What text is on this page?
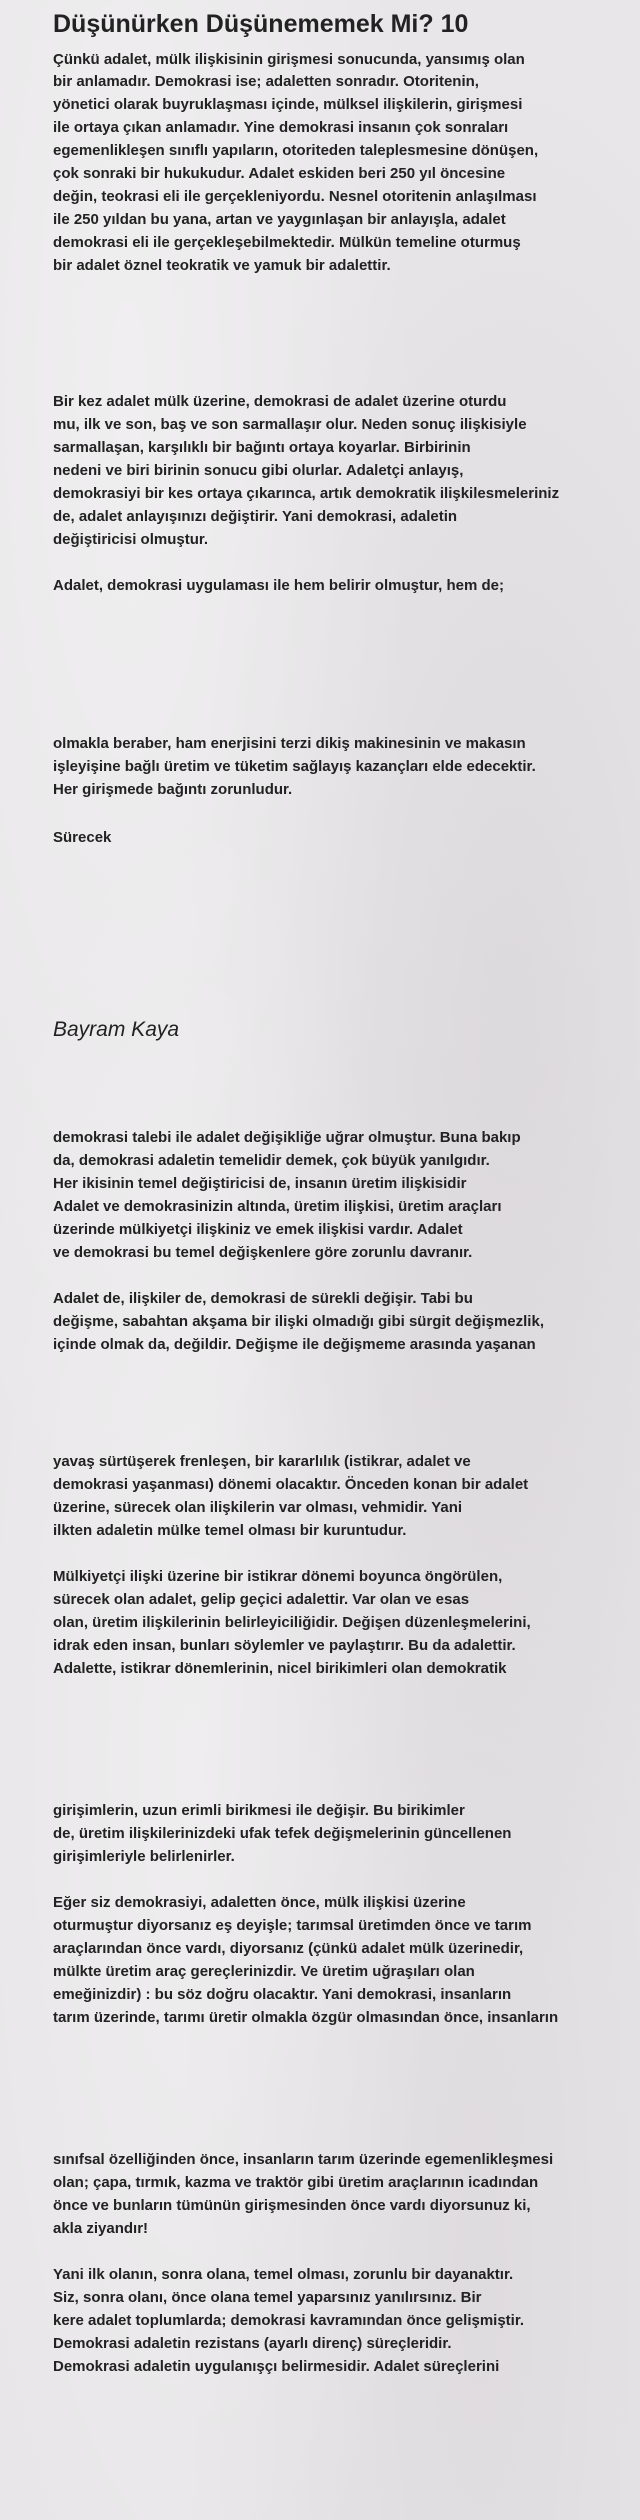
Düşünürken Düşünememek Mi? 10
Çünkü adalet, mülk ilişkisinin girişmesi sonucunda, yansımış olan
bir anlamadır. Demokrasi ise; adaletten sonradır. Otoritenin,
yönetici olarak buyruklaşması içinde, mülksel ilişkilerin, girişmesi
ile ortaya çıkan anlamadır. Yine demokrasi insanın çok sonraları
egemenlikleşen sınıflı yapıların, otoriteden taleplesmesine dönüşen,
çok sonraki bir hukukudur. Adalet eskiden beri 250 yıl öncesine
değin, teokrasi eli ile gerçekleniyordu. Nesnel otoritenin anlaşılması
ile 250 yıldan bu yana, artan ve yaygınlaşan bir anlayışla, adalet
demokrasi eli ile gerçekleşebilmektedir. Mülkün temeline oturmuş
bir adalet öznel teokratik ve yamuk bir adalettir.
Bir kez adalet mülk üzerine, demokrasi de adalet üzerine oturdu
mu, ilk ve son, baş ve son sarmallaşır olur. Neden sonuç ilişkisiyle
sarmallaşan, karşılıklı bir bağıntı ortaya koyarlar. Birbirinin
nedeni ve biri birinin sonucu gibi olurlar. Adaletçi anlayış,
demokrasiyi bir kes ortaya çıkarınca, artık demokratik ilişkilesmeleriniz
de, adalet anlayışınızı değiştirir. Yani demokrasi, adaletin
değiştiricisi olmuştur.
Adalet, demokrasi uygulaması ile hem belirir olmuştur, hem de;
olmakla beraber, ham enerjisini terzi dikiş makinesinin ve makasın
işleyişine bağlı üretim ve tüketim sağlayış kazançları elde edecektir.
Her girişmede bağıntı zorunludur.
Sürecek
Bayram Kaya
demokrasi talebi ile adalet değişikliğe uğrar olmuştur. Buna bakıp
da, demokrasi adaletin temelidir demek, çok büyük yanılgıdır.
Her ikisinin temel değiştiricisi de, insanın üretim ilişkisidir
Adalet ve demokrasinizin altında, üretim ilişkisi, üretim araçları
üzerinde mülkiyetçi ilişkiniz ve emek ilişkisi vardır. Adalet
ve demokrasi bu temel değişkenlere göre zorunlu davranır.
Adalet de, ilişkiler de, demokrasi de sürekli değişir. Tabi bu
değişme, sabahtan akşama bir ilişki olmadığı gibi sürgit değişmezlik,
içinde olmak da, değildir. Değişme ile değişmeme arasında yaşanan
yavaş sürtüşerek frenleşen, bir kararlılık (istikrar, adalet ve
demokrasi yaşanması) dönemi olacaktır. Önceden konan bir adalet
üzerine, sürecek olan ilişkilerin var olması, vehmidir. Yani
ilkten adaletin mülke temel olması bir kuruntudur.
Mülkiyetçi ilişki üzerine bir istikrar dönemi boyunca öngörülen,
sürecek olan adalet, gelip geçici adalettir. Var olan ve esas
olan, üretim ilişkilerinin belirleyiciliğidir. Değişen düzenleşmelerini,
idrak eden insan, bunları söylemler ve paylaştırır. Bu da adalettir.
Adalette, istikrar dönemlerinin, nicel birikimleri olan demokratik
girişimlerin, uzun erimli birikmesi ile değişir. Bu birikimler
de, üretim ilişkilerinizdeki ufak tefek değişmelerinin güncellenen
girişimleriyle belirlenirler.
Eğer siz demokrasiyi, adaletten önce, mülk ilişkisi üzerine
oturmuştur diyorsanız eş deyişle; tarımsal üretimden önce ve tarım
araçlarından önce vardı, diyorsanız (çünkü adalet mülk üzerinedir,
mülkte üretim araç gereçlerinizdir. Ve üretim uğraşıları olan
emeğinizdir) : bu söz doğru olacaktır. Yani demokrasi, insanların
tarım üzerinde, tarımı üretir olmakla özgür olmasından önce, insanların
sınıfsal özelliğinden önce, insanların tarım üzerinde egemenlikleşmesi
olan; çapa, tırmık, kazma ve traktör gibi üretim araçlarının icadından
önce ve bunların tümünün girişmesinden önce vardı diyorsunuz ki,
akla ziyandır!
Yani ilk olanın, sonra olana, temel olması, zorunlu bir dayanaktır.
Siz, sonra olanı, önce olana temel yaparsınız yanılırsınız. Bir
kere adalet toplumlarda; demokrasi kavramından önce gelişmiştir.
Demokrasi adaletin rezistans (ayarlı direnç) süreçleridir.
Demokrasi adaletin uygulanışçı belirmesidir. Adalet süreçlerini
